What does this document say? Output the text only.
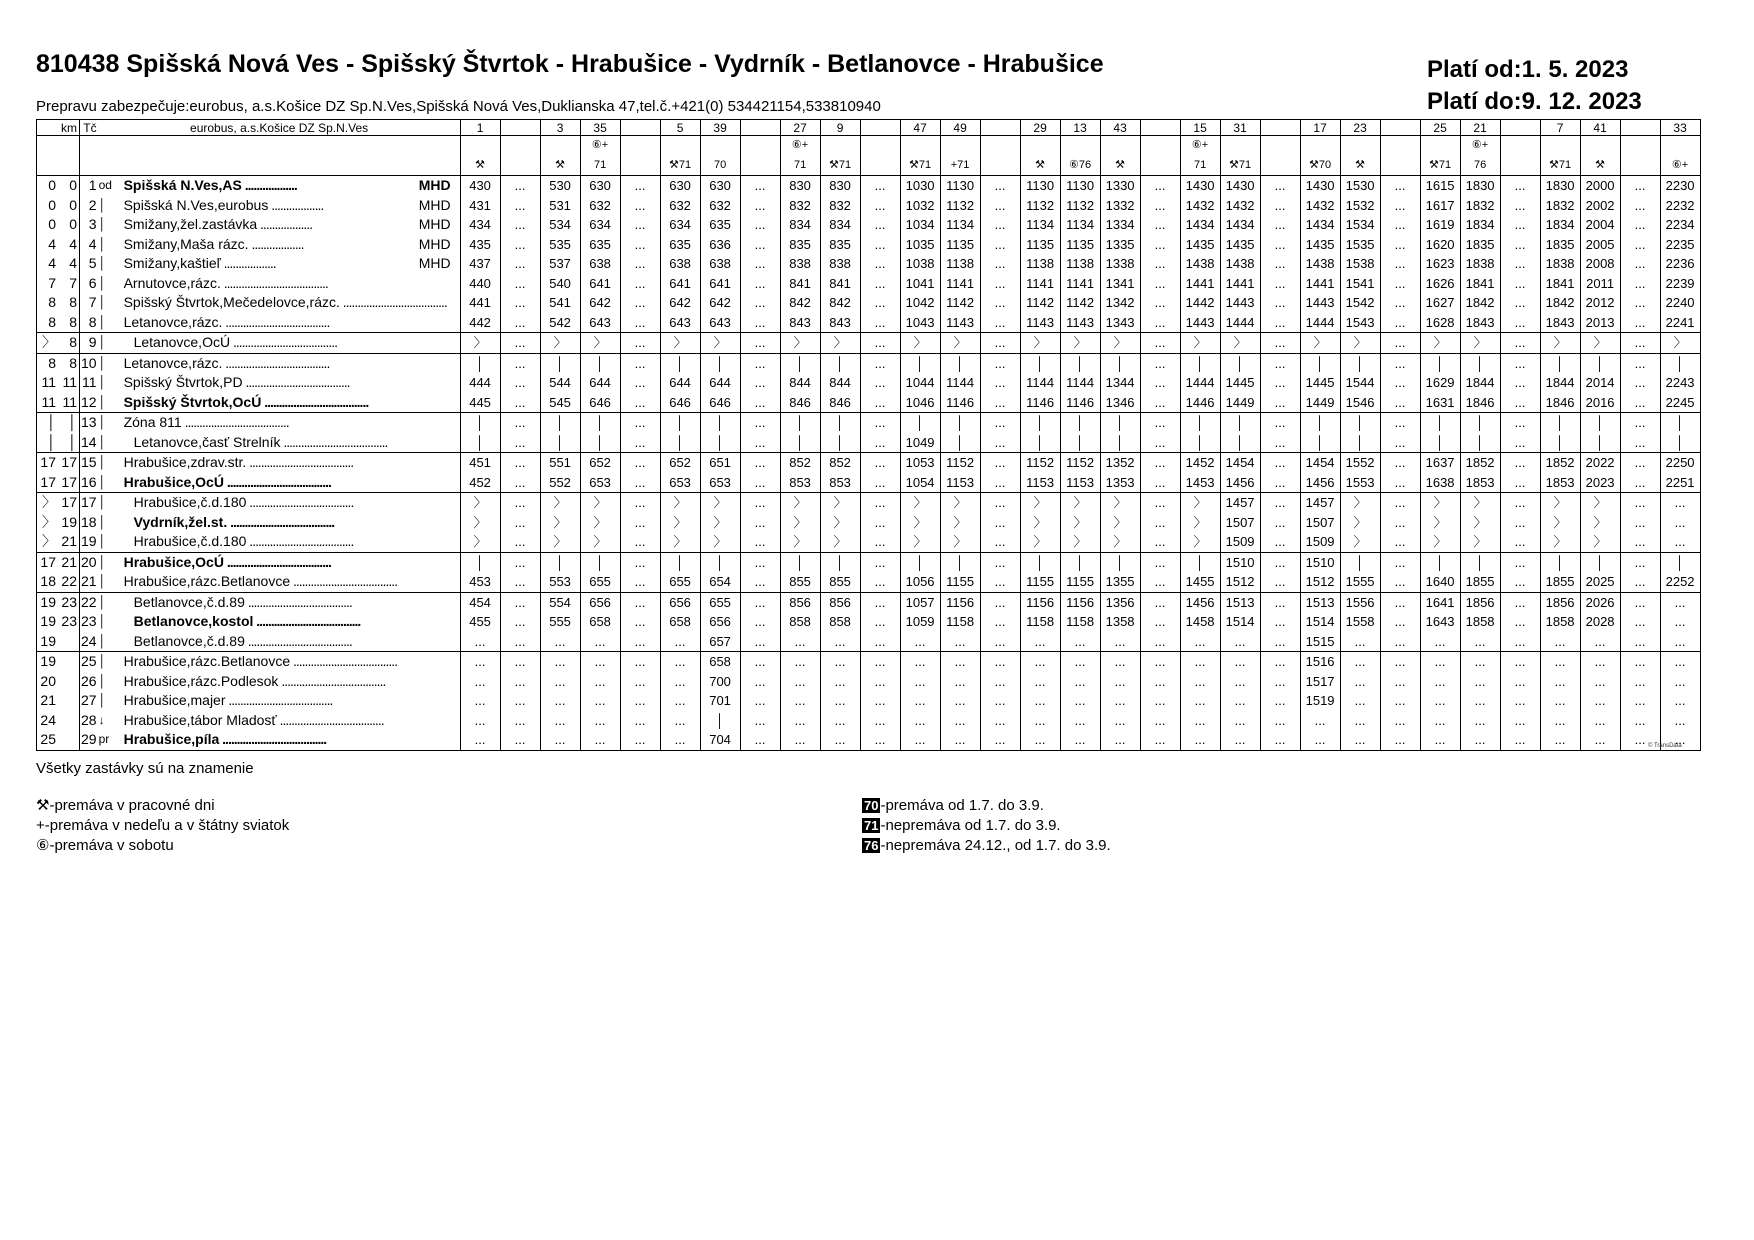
810438 Spišská Nová Ves - Spišský Štvrtok - Hrabušice - Vydrník - Betlanovce - Hrabušice	Platí od:1. 5. 2023
Platí do:9. 12. 2023
Prepravu zabezpečuje:eurobus, a.s.Košice DZ Sp.N.Ves,Spišská Nová Ves,Duklianska 47,tel.č.+421(0) 534421154,533810940
km		Tč	eurobus, a.s.Košice DZ Sp.N.Ves		1		3	35		5	39		27	9		47	49		29	13	43		15	31		17	23		25	21		7	41		33
								⑥+					⑥+										⑥+							⑥+					
					⚒		⚒	71		⚒71	70		71	⚒71		⚒71	+71		⚒	⑥76	⚒		71	⚒71		⚒70	⚒		⚒71	76		⚒71	⚒		⑥+
0	0	1	od	Spišská N.Ves,AS .................. MHD	430	...	530	630	...	630	630	...	830	830	...	1030	1130	...	1130	1130	1330	...	1430	1430	...	1430	1530	...	1615	1830	...	1830	2000	...	2230
0	0	2	│	Spišská N.Ves,eurobus .................. MHD	431	...	531	632	...	632	632	...	832	832	...	1032	1132	...	1132	1132	1332	...	1432	1432	...	1432	1532	...	1617	1832	...	1832	2002	...	2232
0	0	3	│	Smižany,žel.zastávka .................. MHD	434	...	534	634	...	634	635	...	834	834	...	1034	1134	...	1134	1134	1334	...	1434	1434	...	1434	1534	...	1619	1834	...	1834	2004	...	2234
4	4	4	│	Smižany,Maša rázc. .................. MHD	435	...	535	635	...	635	636	...	835	835	...	1035	1135	...	1135	1135	1335	...	1435	1435	...	1435	1535	...	1620	1835	...	1835	2005	...	2235
4	4	5	│	Smižany,kaštieľ .................. MHD	437	...	537	638	...	638	638	...	838	838	...	1038	1138	...	1138	1138	1338	...	1438	1438	...	1438	1538	...	1623	1838	...	1838	2008	...	2236
7	7	6	│	Arnutovce,rázc. ....................................	440	...	540	641	...	641	641	...	841	841	...	1041	1141	...	1141	1141	1341	...	1441	1441	...	1441	1541	...	1626	1841	...	1841	2011	...	2239
8	8	7	│	Spišský Štvrtok,Mečedelovce,rázc. ....................................	441	...	541	642	...	642	642	...	842	842	...	1042	1142	...	1142	1142	1342	...	1442	1443	...	1443	1542	...	1627	1842	...	1842	2012	...	2240
8	8	8	│	Letanovce,rázc. ....................................	442	...	542	643	...	643	643	...	843	843	...	1043	1143	...	1143	1143	1343	...	1443	1444	...	1444	1543	...	1628	1843	...	1843	2013	...	2241
〉	8	9	│	Letanovce,OcÚ ....................................	〉	...	〉	〉	...	〉	〉	...	〉	〉	...	〉	〉	...	〉	〉	〉	...	〉	〉	...	〉	〉	...	〉	〉	...	〉	〉	...	〉
8	8	10	│	Letanovce,rázc. ....................................	│	...	│	│	...	│	│	...	│	│	...	│	│	...	│	│	│	...	│	│	...	│	│	...	│	│	...	│	│	...	│
11	11	11	│	Spišský Štvrtok,PD ....................................	444	...	544	644	...	644	644	...	844	844	...	1044	1144	...	1144	1144	1344	...	1444	1445	...	1445	1544	...	1629	1844	...	1844	2014	...	2243
11	11	12	│	Spišský Štvrtok,OcÚ ....................................	445	...	545	646	...	646	646	...	846	846	...	1046	1146	...	1146	1146	1346	...	1446	1449	...	1449	1546	...	1631	1846	...	1846	2016	...	2245
│	│	13	│	Zóna 811 ....................................	│	...	│	│	...	│	│	...	│	│	...	│	│	...	│	│	│	...	│	│	...	│	│	...	│	│	...	│	│	...	│
│	│	14	│	Letanovce,časť Strelník ....................................	│	...	│	│	...	│	│	...	│	│	...	1049	│	...	│	│	│	...	│	│	...	│	│	...	│	│	...	│	│	...	│
17	17	15	│	Hrabušice,zdrav.str. ....................................	451	...	551	652	...	652	651	...	852	852	...	1053	1152	...	1152	1152	1352	...	1452	1454	...	1454	1552	...	1637	1852	...	1852	2022	...	2250
17	17	16	│	Hrabušice,OcÚ ....................................	452	...	552	653	...	653	653	...	853	853	...	1054	1153	...	1153	1153	1353	...	1453	1456	...	1456	1553	...	1638	1853	...	1853	2023	...	2251
〉	17	17	│	Hrabušice,č.d.180 ....................................	〉	...	〉	〉	...	〉	〉	...	〉	〉	...	〉	〉	...	〉	〉	〉	...	〉	1457	...	1457	〉	...	〉	〉	...	〉	〉	...	...
〉	19	18	│	Vydrník,žel.st. ....................................	〉	...	〉	〉	...	〉	〉	...	〉	〉	...	〉	〉	...	〉	〉	〉	...	〉	1507	...	1507	〉	...	〉	〉	...	〉	〉	...	...
〉	21	19	│	Hrabušice,č.d.180 ....................................	〉	...	〉	〉	...	〉	〉	...	〉	〉	...	〉	〉	...	〉	〉	〉	...	〉	1509	...	1509	〉	...	〉	〉	...	〉	〉	...	...
17	21	20	│	Hrabušice,OcÚ ....................................	│	...	│	│	...	│	│	...	│	│	...	│	│	...	│	│	│	...	│	1510	...	1510	│	...	│	│	...	│	│	...	│
18	22	21	│	Hrabušice,rázc.Betlanovce ....................................	453	...	553	655	...	655	654	...	855	855	...	1056	1155	...	1155	1155	1355	...	1455	1512	...	1512	1555	...	1640	1855	...	1855	2025	...	2252
19	23	22	│	Betlanovce,č.d.89 ....................................	454	...	554	656	...	656	655	...	856	856	...	1057	1156	...	1156	1156	1356	...	1456	1513	...	1513	1556	...	1641	1856	...	1856	2026	...	...
19	23	23	│	Betlanovce,kostol ....................................	455	...	555	658	...	658	656	...	858	858	...	1059	1158	...	1158	1158	1358	...	1458	1514	...	1514	1558	...	1643	1858	...	1858	2028	...	...
19		24	│	Betlanovce,č.d.89 ....................................	...	...	...	...	...	...	657	...	...	...	...	...	...	...	...	...	...	...	...	...	...	1515	...	...	...	...	...	...	...	...	...
19		25	│	Hrabušice,rázc.Betlanovce ....................................	...	...	...	...	...	...	658	...	...	...	...	...	...	...	...	...	...	...	...	...	...	1516	...	...	...	...	...	...	...	...	...
20		26	│	Hrabušice,rázc.Podlesok ....................................	...	...	...	...	...	...	700	...	...	...	...	...	...	...	...	...	...	...	...	...	...	1517	...	...	...	...	...	...	...	...	...
21		27	│	Hrabušice,majer ....................................	...	...	...	...	...	...	701	...	...	...	...	...	...	...	...	...	...	...	...	...	...	1519	...	...	...	...	...	...	...	...	...
24		28	↓	Hrabušice,tábor Mladosť ....................................	...	...	...	...	...	...	│	...	...	...	...	...	...	...	...	...	...	...	...	...	...	...	...	...	...	...	...	...	...	...	...
25		29	pr	Hrabušice,píla ....................................	...	...	...	...	...	...	704	...	...	...	...	...	...	...	...	...	...	...	...	...	...	...	...	...	...	...	...	...	...	...	...
© TransData
Všetky zastávky sú na znamenie
⚒-premáva v pracovné dni
+-premáva v nedeľu a v štátny sviatok
⑥-premáva v sobotu
70 -premáva od 1.7. do 3.9.
71 -nepremáva od 1.7. do 3.9.
76 -nepremáva 24.12., od 1.7. do 3.9.
